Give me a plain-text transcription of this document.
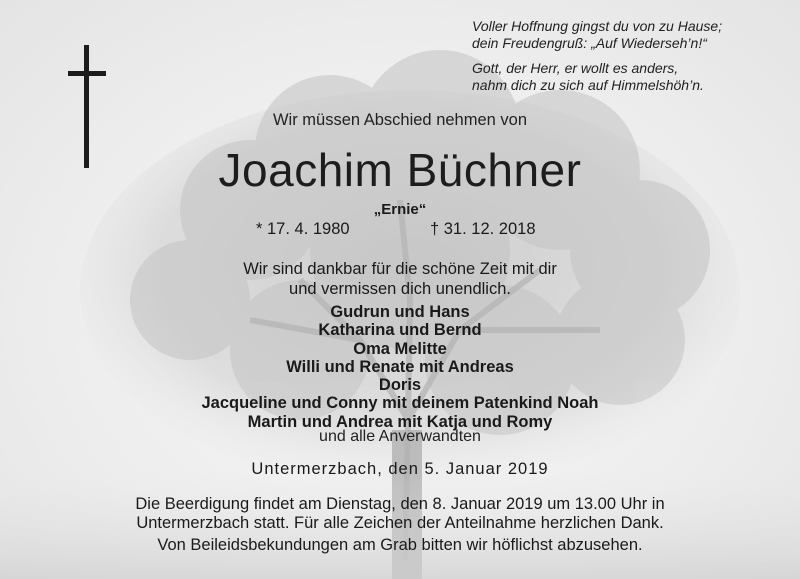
Voller Hoffnung gingst du von zu Hause;
dein Freudengruß: „Auf Wiederseh’n!“

Gott, der Herr, er wollt es anders,
nahm dich zu sich auf Himmelshöh’n.

Wir müssen Abschied nehmen von
Joachim Büchner
„Ernie“
* 17. 4. 1980	† 31. 12. 2018
Wir sind dankbar für die schöne Zeit mit dir
und vermissen dich unendlich.
Gudrun und Hans
Katharina und Bernd
Oma Melitte
Willi und Renate mit Andreas
Doris
Jacqueline und Conny mit deinem Patenkind Noah
Martin und Andrea mit Katja und Romy
und alle Anverwandten
Untermerzbach, den 5. Januar 2019
Die Beerdigung findet am Dienstag, den 8. Januar 2019 um 13.00 Uhr in
Untermerzbach statt. Für alle Zeichen der Anteilnahme herzlichen Dank.
Von Beileidsbekundungen am Grab bitten wir höflichst abzusehen.
